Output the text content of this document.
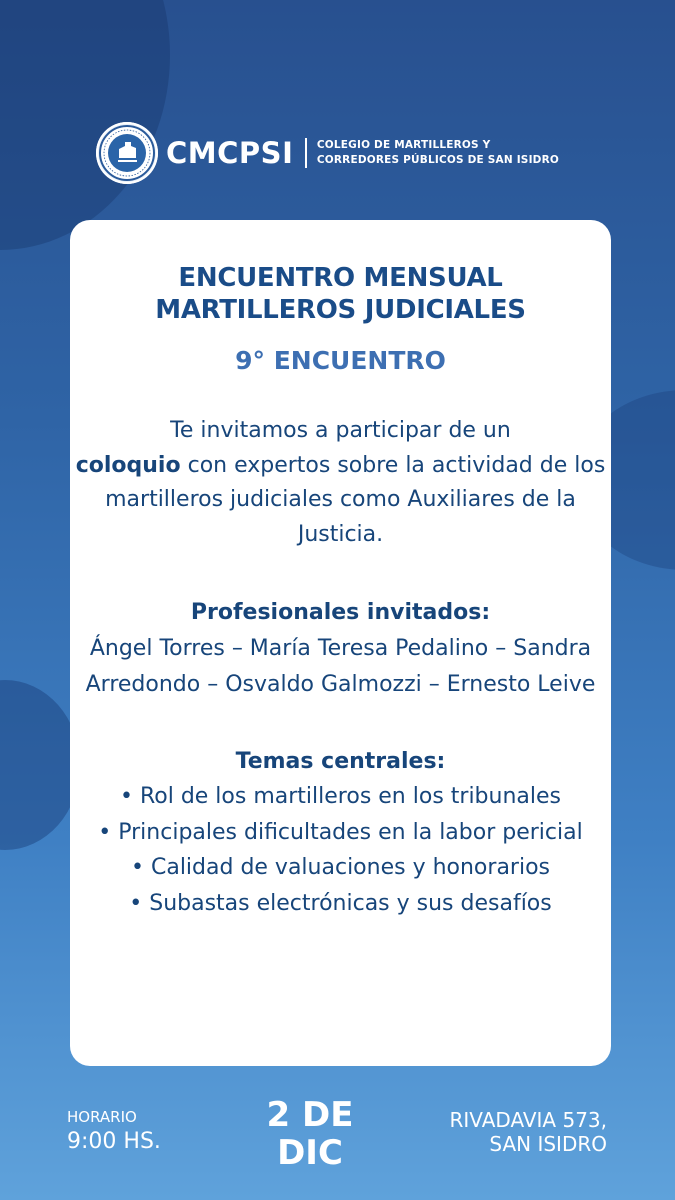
CMCPSI COLEGIO DE MARTILLEROS Y
CORREDORES PÚBLICOS DE SAN ISIDRO
ENCUENTRO MENSUAL
MARTILLEROS JUDICIALES
9° ENCUENTRO
Te invitamos a participar de un
coloquio con expertos sobre la actividad de los martilleros judiciales como Auxiliares de la Justicia.
Profesionales invitados:
Ángel Torres – María Teresa Pedalino – Sandra Arredondo – Osvaldo Galmozzi – Ernesto Leive
Temas centrales:
• Rol de los martilleros en los tribunales
• Principales dificultades en la labor pericial
• Calidad de valuaciones y honorarios
• Subastas electrónicas y sus desafíos
HORARIO
9:00 HS.
2 DE
DIC
RIVADAVIA 573,
SAN ISIDRO
